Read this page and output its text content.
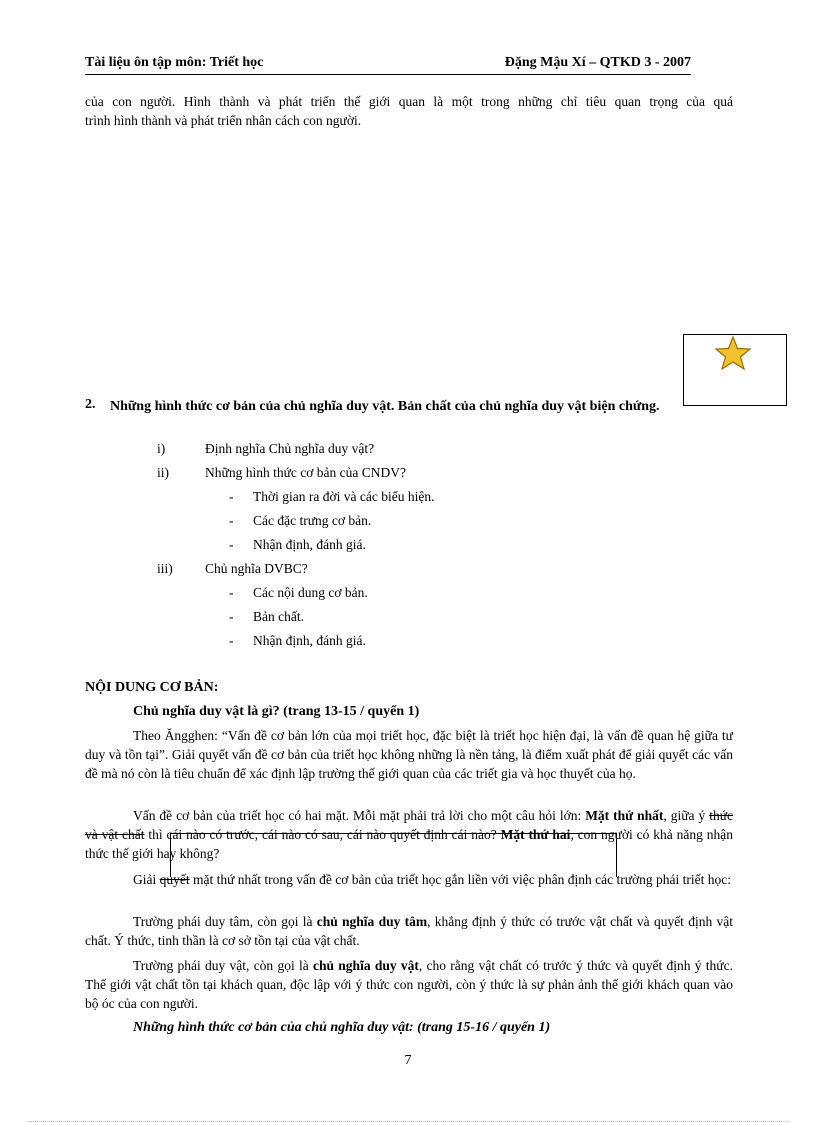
Tài liệu ôn tập môn: Triết học	Đặng Mậu Xí – QTKD 3 - 2007
của con người. Hình thành và phát triển thế giới quan là một trong những chỉ tiêu quan trọng của quá
trình hình thành và phát triển nhân cách con người.
2. Những hình thức cơ bản của chủ nghĩa duy vật. Bản chất của chủ nghĩa duy vật biện chứng.
i)	Định nghĩa Chủ nghĩa duy vật?
ii)	Những hình thức cơ bản của CNDV?
- Thời gian ra đời và các biểu hiện.
- Các đặc trưng cơ bản.
- Nhận định, đánh giá.
iii) Chủ nghĩa DVBC?
- Các nội dung cơ bản.
- Bản chất.
- Nhận định, đánh giá.
NỘI DUNG CƠ BẢN:
Chủ nghĩa duy vật là gì? (trang 13-15 / quyển 1)
Theo Ăngghen: “Vấn đề cơ bản lớn của mọi triết học, đặc biệt là triết học hiện đại, là vấn đề quan hệ giữa tư duy và tồn tại”. Giải quyết vấn đề cơ bản của triết học không những là nền tảng, là điểm xuất phát để giải quyết các vấn đề mà nó còn là tiêu chuẩn để xác định lập trường thế giới quan của các triết gia và học thuyết của họ.
Vấn đề cơ bản của triết học có hai mặt. Mỗi mặt phải trả lời cho một câu hỏi lớn: Mặt thứ nhất, giữa ý thức và vật chất thì cái nào có trước, cái nào có sau, cái nào quyết định cái nào? Mặt thứ hai, con người có khả năng nhận thức thế giới hay không?
Giải quyết mặt thứ nhất trong vấn đề cơ bản của triết học gắn liền với việc phân định các trường phái triết học:
Trường phái duy tâm, còn gọi là chủ nghĩa duy tâm, khẳng định ý thức có trước vật chất và quyết định vật chất. Ý thức, tinh thần là cơ sở tồn tại của vật chất.
Trường phái duy vật, còn gọi là chủ nghĩa duy vật, cho rằng vật chất có trước ý thức và quyết định ý thức. Thế giới vật chất tồn tại khách quan, độc lập với ý thức con người, còn ý thức là sự phản ảnh thế giới khách quan vào bộ óc của con người.
Những hình thức cơ bản của chủ nghĩa duy vật: (trang 15-16 / quyển 1)
7
